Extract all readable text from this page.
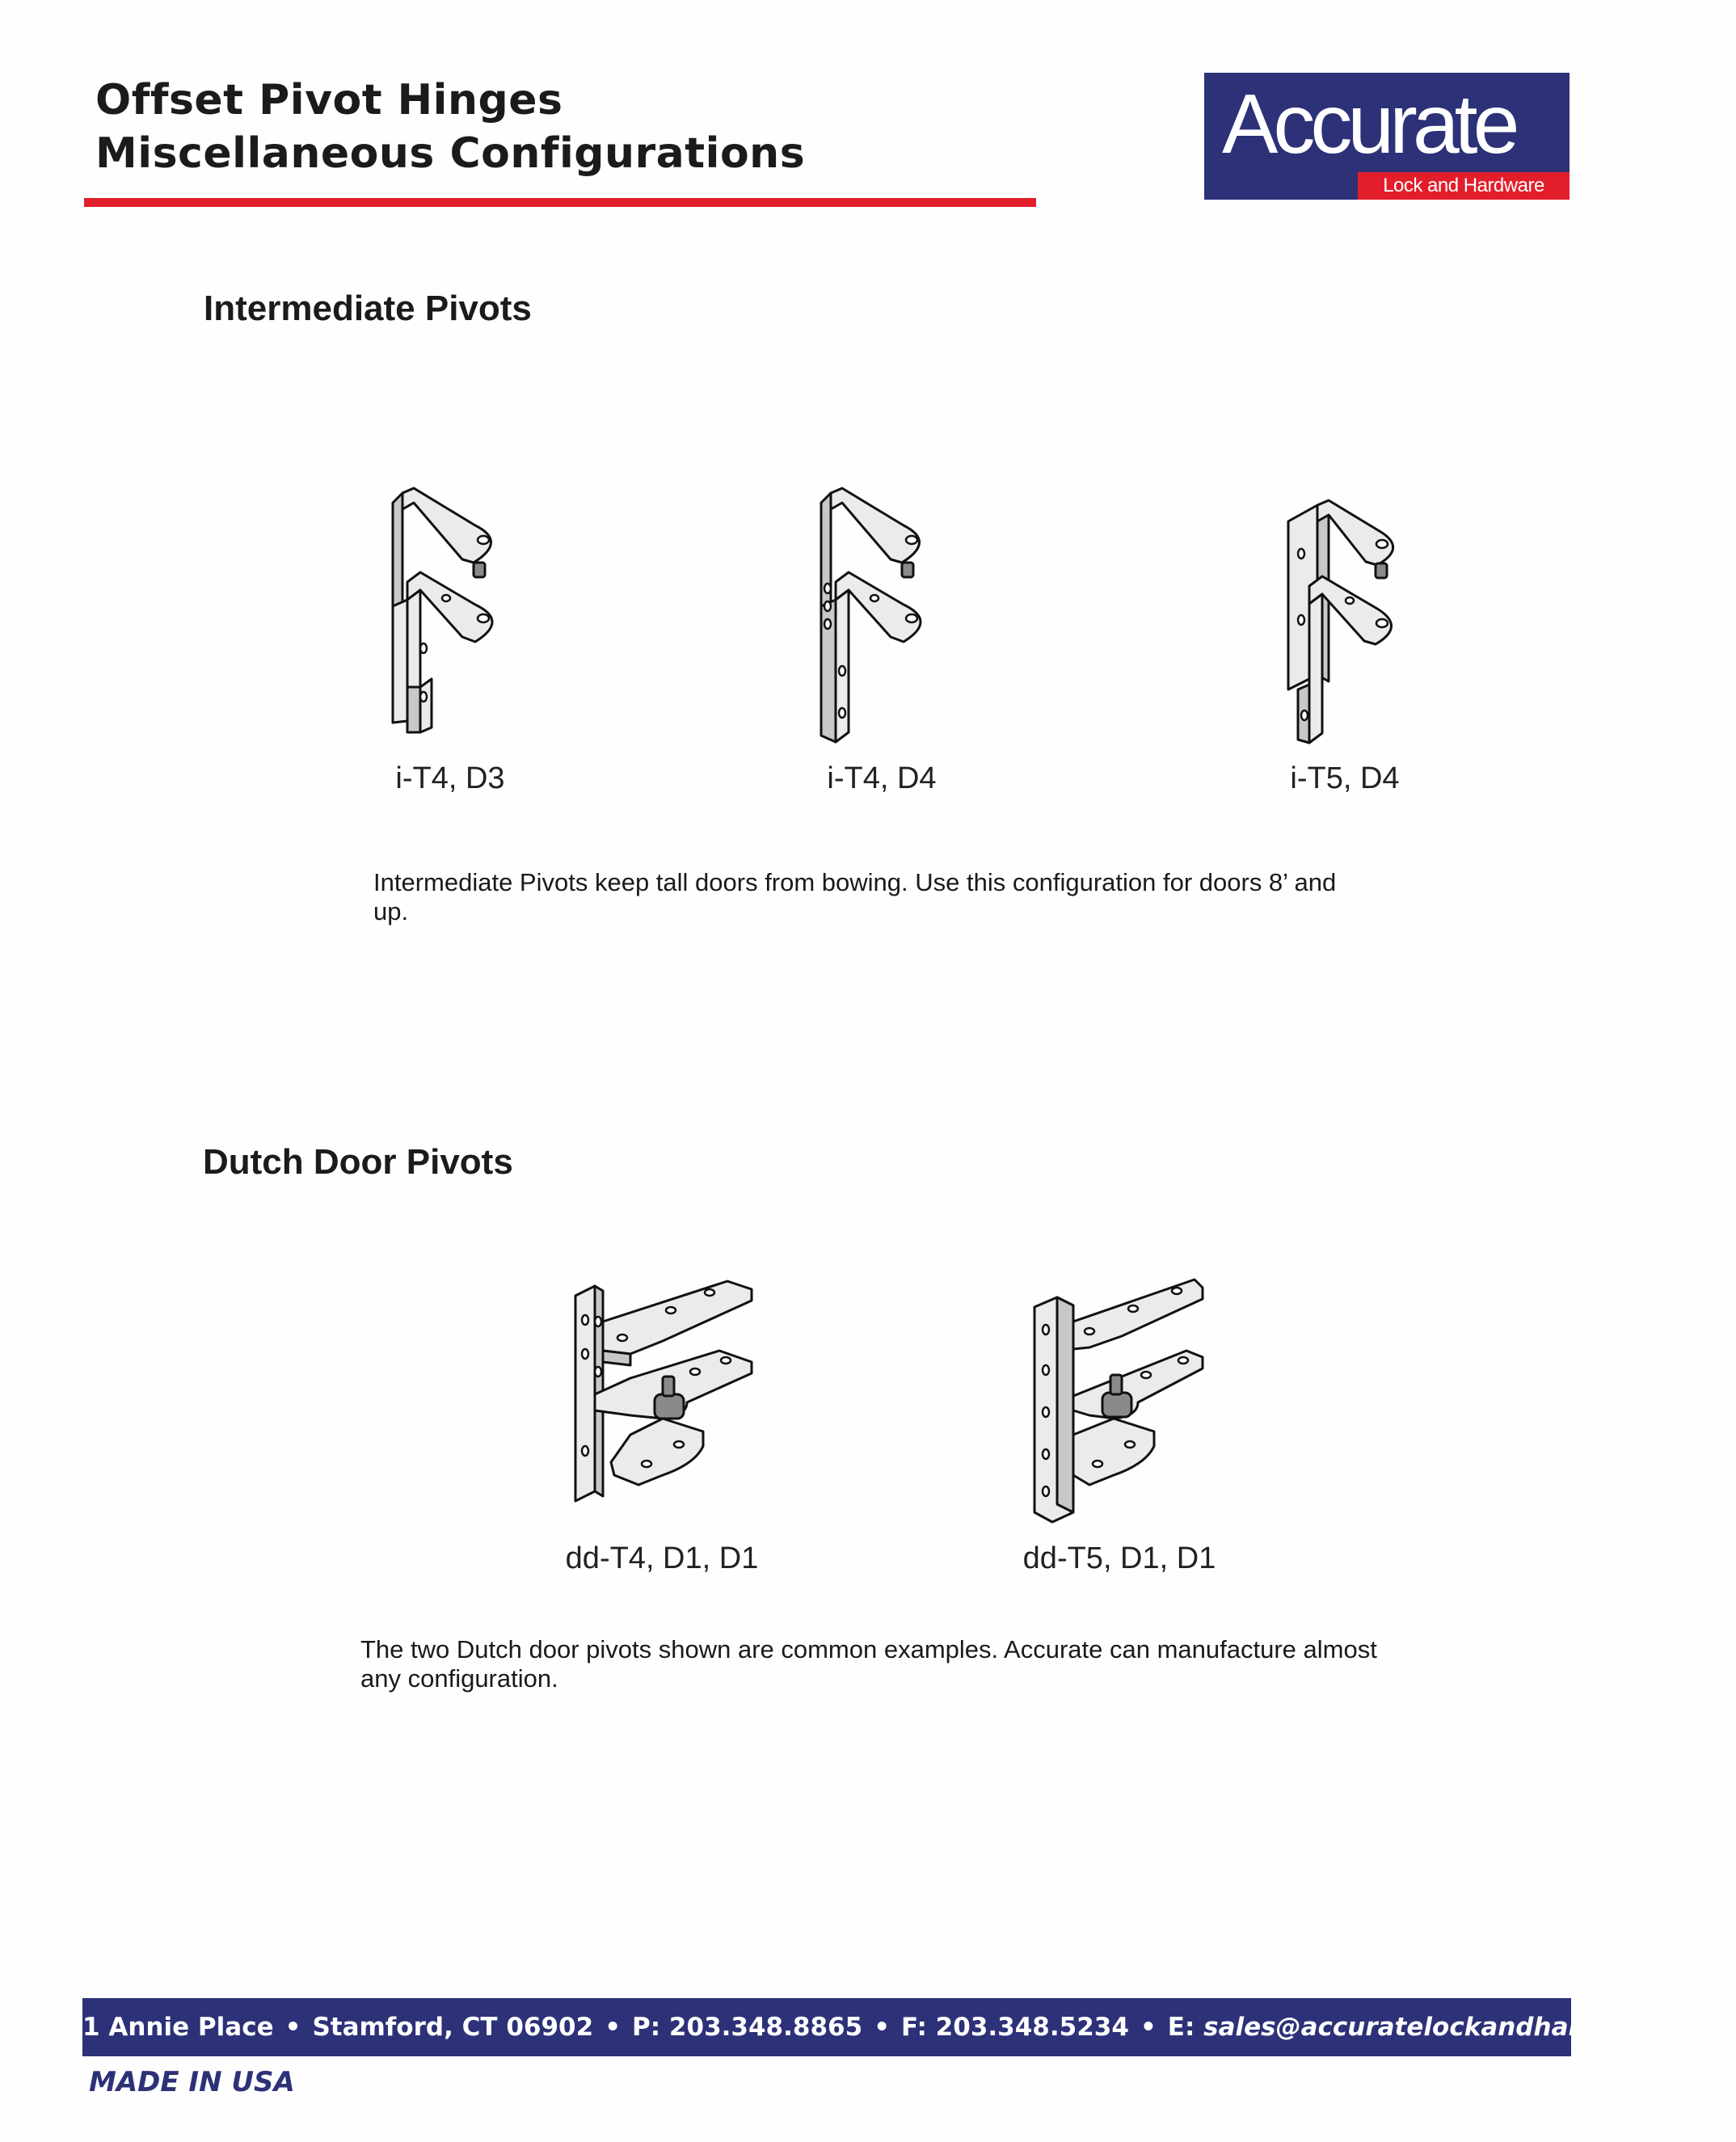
Offset Pivot Hinges
Miscellaneous Configurations	Accurate
Lock and Hardware
Intermediate Pivots
i-T4, D3	i-T4, D4	i-T5, D4

Intermediate Pivots keep tall doors from bowing. Use this configuration for doors 8’ and up.

Dutch Door Pivots
dd-T4, D1, D1	dd-T5, D1, D1

The two Dutch door pivots shown are common examples. Accurate can manufacture almost any configuration.

1 Annie Place • Stamford, CT 06902 • P: 203.348.8865 • F: 203.348.5234 • E: sales@accuratelockandhardware.com
MADE IN USA
